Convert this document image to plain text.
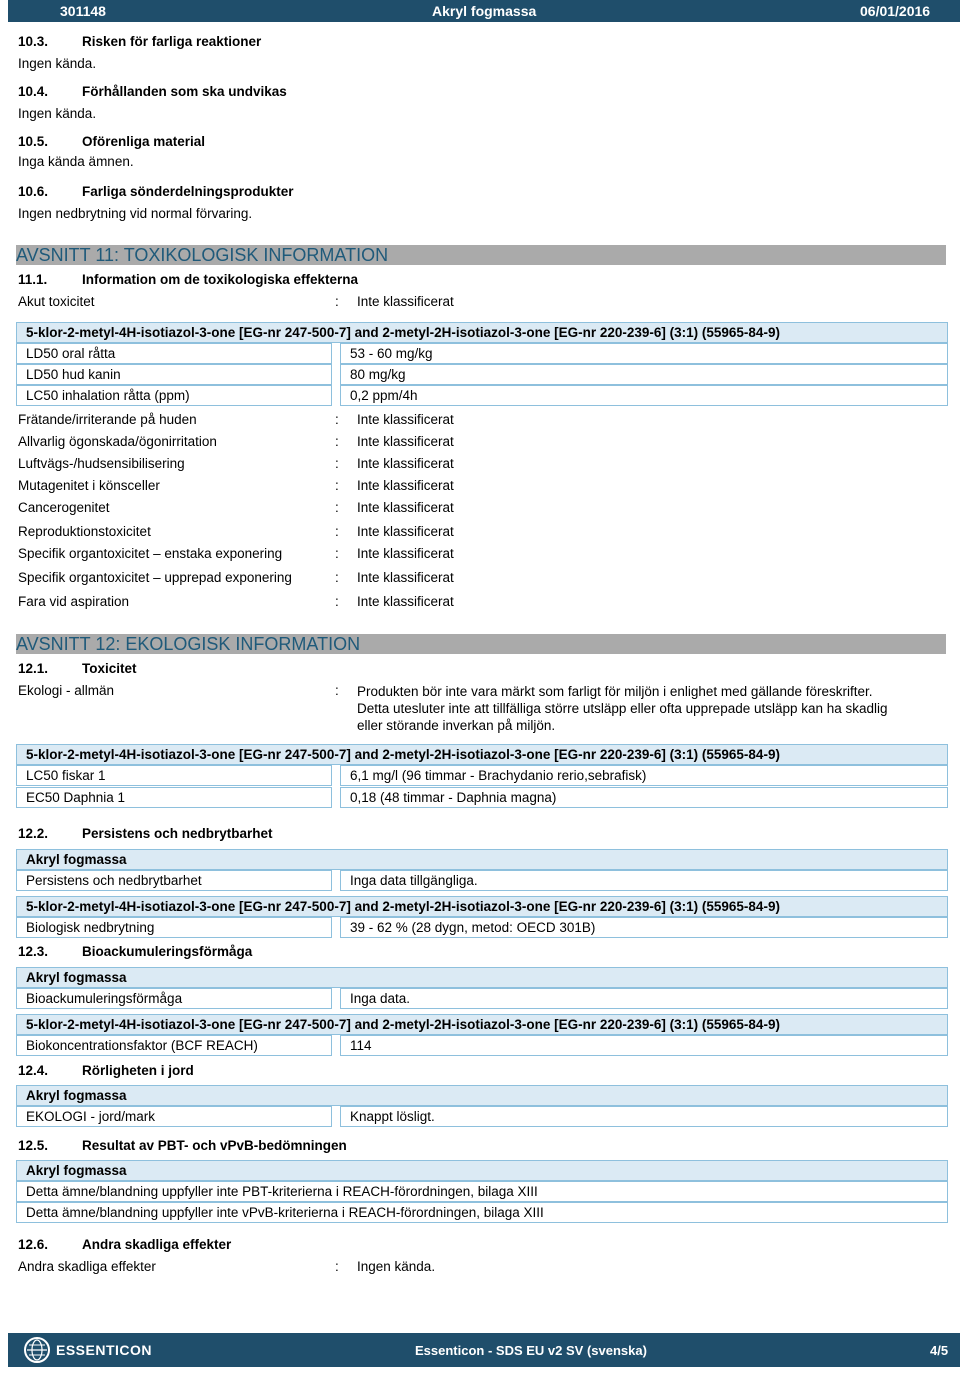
301148	Akryl fogmassa	06/01/2016
10.3.	Risken för farliga reaktioner
Ingen kända.
10.4.	Förhållanden som ska undvikas
Ingen kända.
10.5.	Oförenliga material
Inga kända ämnen.
10.6.	Farliga sönderdelningsprodukter
Ingen nedbrytning vid normal förvaring.
AVSNITT 11: TOXIKOLOGISK INFORMATION
11.1.	Information om de toxikologiska effekterna
Akut toxicitet	: Inte klassificerat
5-klor-2-metyl-4H-isotiazol-3-one [EG-nr 247-500-7] and 2-metyl-2H-isotiazol-3-one [EG-nr 220-239-6] (3:1) (55965-84-9)
LD50 oral råtta	53 - 60 mg/kg
LD50 hud kanin	80 mg/kg
LC50 inhalation råtta (ppm)	0,2 ppm/4h
Frätande/irriterande på huden	: Inte klassificerat
Allvarlig ögonskada/ögonirritation	: Inte klassificerat
Luftvägs-/hudsensibilisering	: Inte klassificerat
Mutagenitet i könsceller	: Inte klassificerat
Cancerogenitet	: Inte klassificerat
Reproduktionstoxicitet	: Inte klassificerat
Specifik organtoxicitet – enstaka exponering	: Inte klassificerat
Specifik organtoxicitet – upprepad exponering	: Inte klassificerat
Fara vid aspiration	: Inte klassificerat
AVSNITT 12: EKOLOGISK INFORMATION
12.1.	Toxicitet
Ekologi - allmän	: Produkten bör inte vara märkt som farligt för miljön i enlighet med gällande föreskrifter.
Detta utesluter inte att tillfälliga större utsläpp eller ofta upprepade utsläpp kan ha skadlig
eller störande inverkan på miljön.
5-klor-2-metyl-4H-isotiazol-3-one [EG-nr 247-500-7] and 2-metyl-2H-isotiazol-3-one [EG-nr 220-239-6] (3:1) (55965-84-9)
LC50 fiskar 1	6,1 mg/l (96 timmar - Brachydanio rerio,sebrafisk)
EC50 Daphnia 1	0,18 (48 timmar - Daphnia magna)
12.2.	Persistens och nedbrytbarhet
Akryl fogmassa
Persistens och nedbrytbarhet	Inga data tillgängliga.
5-klor-2-metyl-4H-isotiazol-3-one [EG-nr 247-500-7] and 2-metyl-2H-isotiazol-3-one [EG-nr 220-239-6] (3:1) (55965-84-9)
Biologisk nedbrytning	39 - 62 % (28 dygn, metod: OECD 301B)
12.3.	Bioackumuleringsförmåga
Akryl fogmassa
Bioackumuleringsförmåga	Inga data.
5-klor-2-metyl-4H-isotiazol-3-one [EG-nr 247-500-7] and 2-metyl-2H-isotiazol-3-one [EG-nr 220-239-6] (3:1) (55965-84-9)
Biokoncentrationsfaktor (BCF REACH)	114
12.4.	Rörligheten i jord
Akryl fogmassa
EKOLOGI - jord/mark	Knappt lösligt.
12.5.	Resultat av PBT- och vPvB-bedömningen
Akryl fogmassa
Detta ämne/blandning uppfyller inte PBT-kriterierna i REACH-förordningen, bilaga XIII
Detta ämne/blandning uppfyller inte vPvB-kriterierna i REACH-förordningen, bilaga XIII
12.6.	Andra skadliga effekter
Andra skadliga effekter	: Ingen kända.
ESSENTICON	Essenticon - SDS EU v2 SV (svenska)	4/5
